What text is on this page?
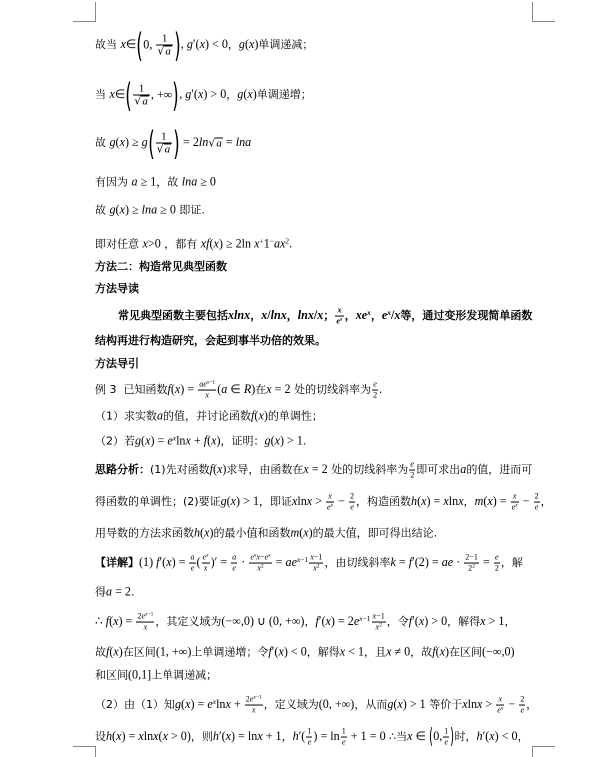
故当 x∈ ( 0, 1
√ a ) , g′(x) < 0，g(x)单调递减；
当 x∈ ( 1
√ a , +∞ ) , g′(x) > 0，g(x)单调递增；
故 g(x) ≥ g ( 1
√ a ) = 2ln √ a = lna
有因为 a ≥ 1，故 lna ≥ 0
故 g(x) ≥ lna ≥ 0 即证.
即对任意 x˃0 ，都有 xf(x) ≥ 2ln $x^+1^-ax^2$.
方法二：构造常见典型函数
方法导读
常见典型函数主要包括xlnx，x/lnx，lnx/x； $\frac{x}{e^x}$ ，$xe^x$，$e^x/x$等，通过变形发现简单函数
结构再进行构造研究，会起到事半功倍的效果。
方法导引
例 3  已知函数$f(x) = \frac{ae^{x-1}}{x} (a$ ∈ R)在x = 2 处的切线斜率为 $\frac{e}{2}$ .
（1）求实数a的值，并讨论函数f(x)的单调性；
（2）若$g(x) = e^x\ln x + f(x)$，证明：g(x) > 1.
思路分析：(1)先对函数f(x)求导，由函数在x = 2 处的切线斜率为 $\frac{e}{2}$ 即可求出a的值，进而可
得函数的单调性；(2)要证g(x) > 1，即证$xlnx > \frac{x}{e^x} - \frac{2}{e}$ ，构造函数h(x) = xlnx，$m(x) = \frac{x}{e^x} - \frac{2}{e}$ ，
用导数的方法求函数h(x)的最小值和函数m(x)的最大值，即可得出结论.
【详解】(1) $f'(x) = \frac{a}{e}$ ( $\frac{e^x}{x}$ )′ = $\frac{a}{e} \cdot \frac{e^xx-e^x}{x^2} = ae^{x-1} \frac{x-1}{x^2}$ ，由切线斜率k = f′(2) = ae · $\frac{2-1}{2^2} = \frac{e}{2}$ ，解
得a = 2.
∴ $f(x) = \frac{2e^{x-1}}{x}$ ，其定义域为(−∞,0) ∪ (0, +∞)，$f'(x) = 2e^{x-1} \frac{x-1}{x^2}$ ，令f′(x) > 0，解得x > 1，
故f(x)在区间(1, +∞)上单调递增；令f′(x) < 0，解得x < 1，且x ≠ 0，故f(x)在区间(−∞,0)
和区间(0,1]上单调递减；
（2）由（1）知$g(x) = e^x\ln x + \frac{2e^{x-1}}{x}$ ，定义域为(0, +∞)，从而g(x) > 1 等价于$xlnx > \frac{x}{e^x} - \frac{2}{e}$ ，
设h(x) = xlnx(x > 0)，则h′(x) = lnx + 1，$h'( \frac{1}{e}$ ) = $\ln \frac{1}{e} + 1 = 0$ ∴当x ∈ ( 0, $\frac{1}{e}$ ) 时，h′(x) < 0，
